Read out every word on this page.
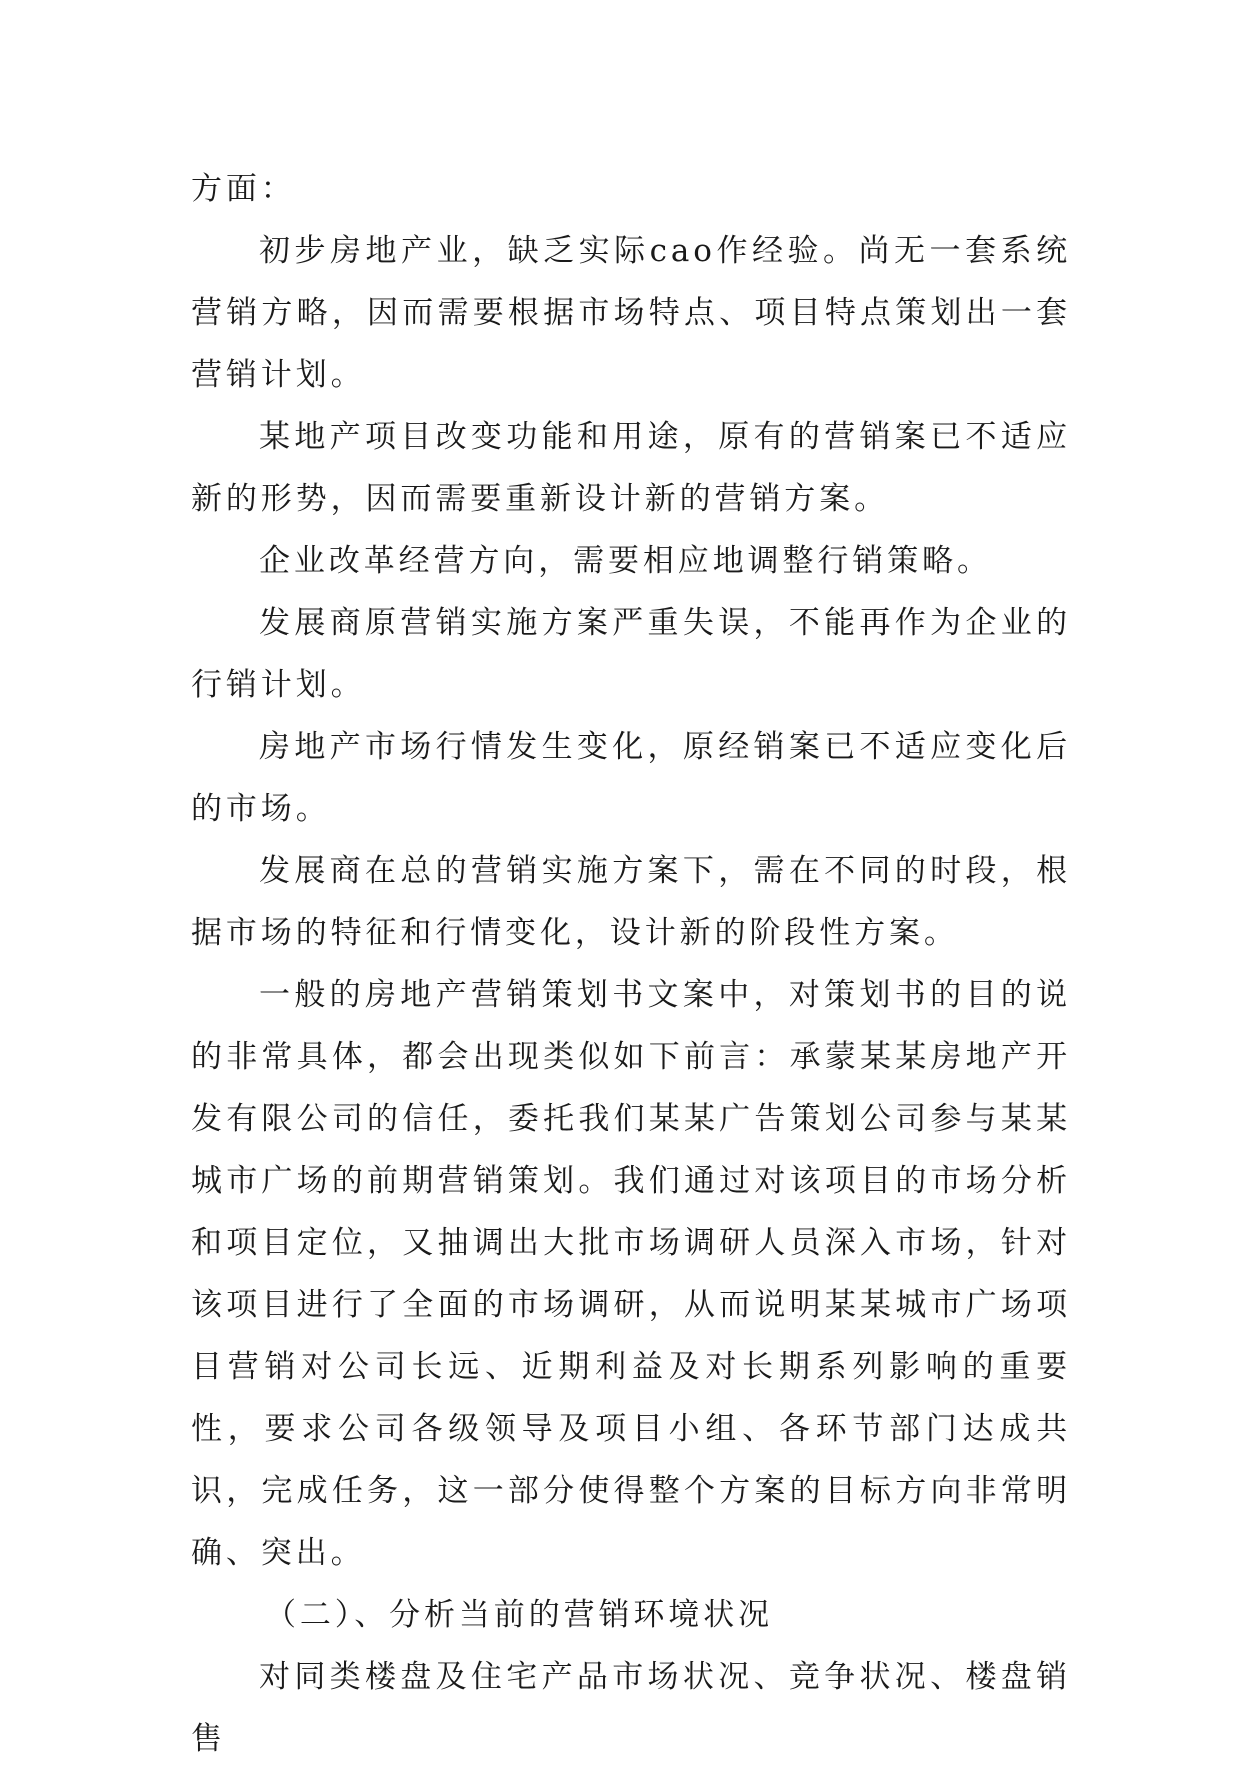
方面：

初步房地产业，缺乏实际cao作经验。尚无一套系统营销方略，因而需要根据市场特点、项目特点策划出一套营销计划。

某地产项目改变功能和用途，原有的营销案已不适应新的形势，因而需要重新设计新的营销方案。

企业改革经营方向，需要相应地调整行销策略。

发展商原营销实施方案严重失误，不能再作为企业的行销计划。

房地产市场行情发生变化，原经销案已不适应变化后的市场。

发展商在总的营销实施方案下，需在不同的时段，根据市场的特征和行情变化，设计新的阶段性方案。

一般的房地产营销策划书文案中，对策划书的目的说的非常具体，都会出现类似如下前言：承蒙某某房地产开发有限公司的信任，委托我们某某广告策划公司参与某某城市广场的前期营销策划。我们通过对该项目的市场分析和项目定位，又抽调出大批市场调研人员深入市场，针对该项目进行了全面的市场调研，从而说明某某城市广场项目营销对公司长远、近期利益及对长期系列影响的重要性，要求公司各级领导及项目小组、各环节部门达成共识，完成任务，这一部分使得整个方案的目标方向非常明确、突出。

（二）、分析当前的营销环境状况

对同类楼盘及住宅产品市场状况、竞争状况、楼盘销售
